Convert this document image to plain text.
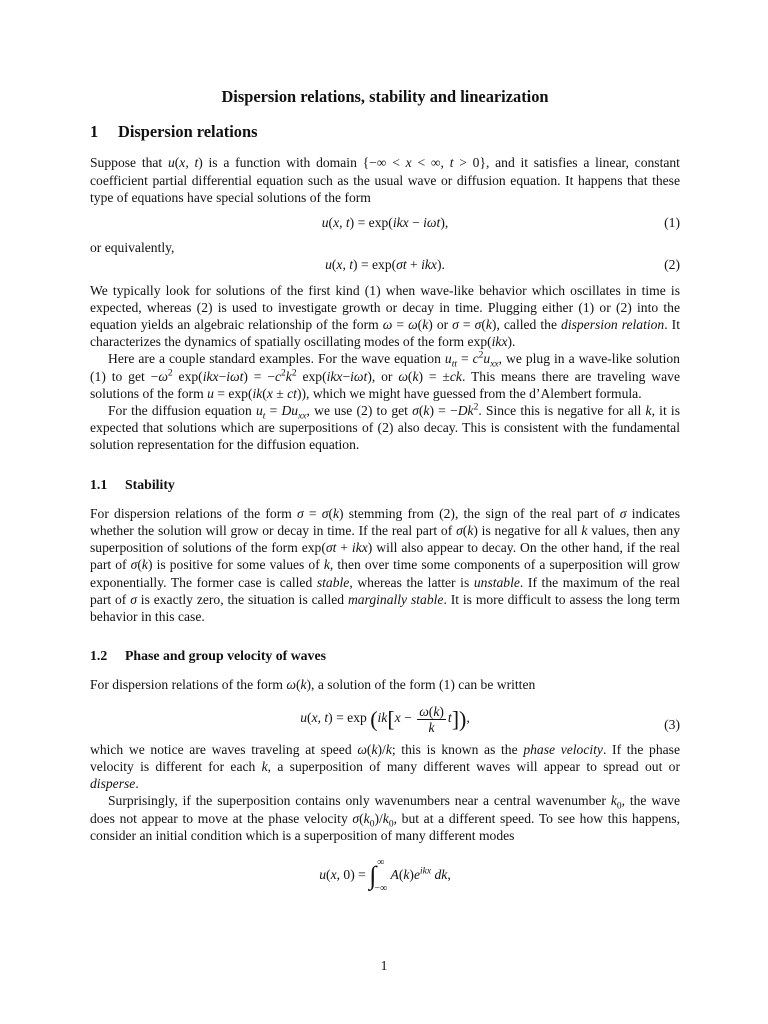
Dispersion relations, stability and linearization
1 Dispersion relations

Suppose that u(x, t) is a function with domain {−∞ < x < ∞, t > 0}, and it satisfies a linear, constant coefficient partial differential equation such as the usual wave or diffusion equation. It happens that these type of equations have special solutions of the form

u(x, t) = exp(ikx − iωt),	(1)

or equivalently,

u(x, t) = exp(σt + ikx).	(2)

We typically look for solutions of the first kind (1) when wave-like behavior which oscillates in time is expected, whereas (2) is used to investigate growth or decay in time. Plugging either (1) or (2) into the equation yields an algebraic relationship of the form ω = ω(k) or σ = σ(k), called the dispersion relation. It characterizes the dynamics of spatially oscillating modes of the form exp(ikx).

Here are a couple standard examples. For the wave equation $u_{tt} = c^2u_{xx}$, we plug in a wave-like solution (1) to get $-\omega^2$ $\exp(ikx-i\omega t) = -c^2k^2$ exp(ikx−iωt), or ω(k) = ±ck. This means there are traveling wave solutions of the form u = exp(ik(x ± ct)), which we might have guessed from the d’Alembert formula.

For the diffusion equation $u_t = Du_{xx}$, we use (2) to get $\sigma(k) = -Dk^2$. Since this is negative for all k, it is expected that solutions which are superpositions of (2) also decay. This is consistent with the fundamental solution representation for the diffusion equation.

1.1 Stability

For dispersion relations of the form σ = σ(k) stemming from (2), the sign of the real part of σ indicates whether the solution will grow or decay in time. If the real part of σ(k) is negative for all k values, then any superposition of solutions of the form exp(σt + ikx) will also appear to decay. On the other hand, if the real part of σ(k) is positive for some values of k, then over time some components of a superposition will grow exponentially. The former case is called stable, whereas the latter is unstable. If the maximum of the real part of σ is exactly zero, the situation is called marginally stable. It is more difficult to assess the long term behavior in this case.

1.2 Phase and group velocity of waves

For dispersion relations of the form ω(k), a solution of the form (1) can be written

u(x, $t) = \exp (ik[x - \frac{\omega(k)}{k} t])$,	(3)

which we notice are waves traveling at speed ω(k)/k; this is known as the phase velocity. If the phase velocity is different for each k, a superposition of many different waves will appear to spread out or disperse.

Surprisingly, if the superposition contains only wavenumbers near a central wavenumber $k_0$, the wave does not appear to move at the phase velocity $\sigma(k_0)/k_0$, but at a different speed. To see how this happens, consider an initial condition which is a superposition of many different modes

u(x, 0) = ∫ ∞
−∞
$A(k)e^{ikx}$ dk,
1
